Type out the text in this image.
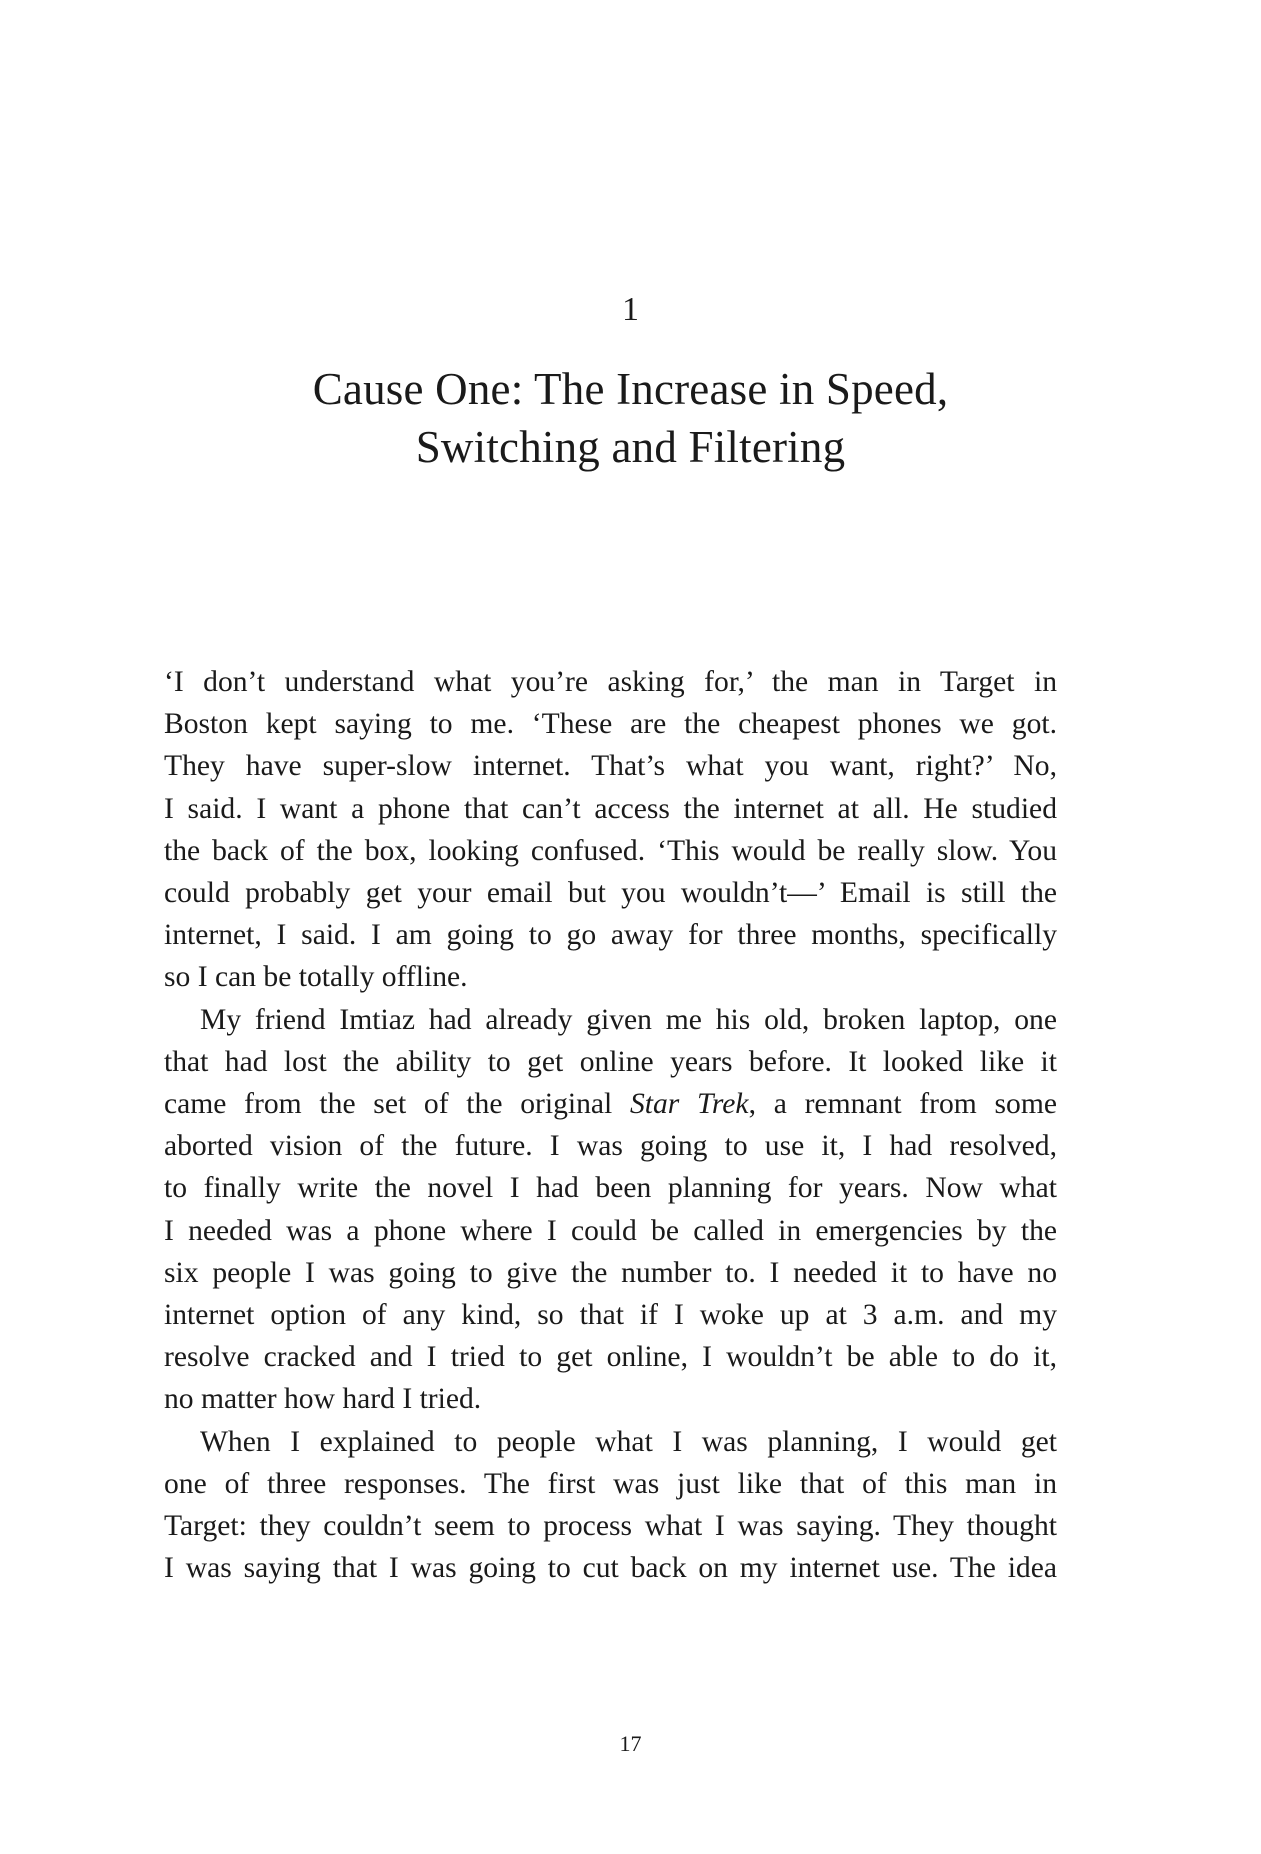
1
Cause One: The Increase in Speed,
Switching and Filtering

‘I don’t understand what you’re asking for,’ the man in Target in
Boston kept saying to me. ‘These are the cheapest phones we got.
They have super-slow internet. That’s what you want, right?’ No,
I said. I want a phone that can’t access the internet at all. He studied
the back of the box, looking confused. ‘This would be really slow. You
could probably get your email but you wouldn’t—’ Email is still the
internet, I said. I am going to go away for three months, specifically
so I can be totally offline.

My friend Imtiaz had already given me his old, broken laptop, one
that had lost the ability to get online years before. It looked like it
came from the set of the original Star Trek, a remnant from some
aborted vision of the future. I was going to use it, I had resolved,
to finally write the novel I had been planning for years. Now what
I needed was a phone where I could be called in emergencies by the
six people I was going to give the number to. I needed it to have no
internet option of any kind, so that if I woke up at 3 a.m. and my
resolve cracked and I tried to get online, I wouldn’t be able to do it,
no matter how hard I tried.

When I explained to people what I was planning, I would get
one of three responses. The first was just like that of this man in
Target: they couldn’t seem to process what I was saying. They thought
I was saying that I was going to cut back on my internet use. The idea

17
